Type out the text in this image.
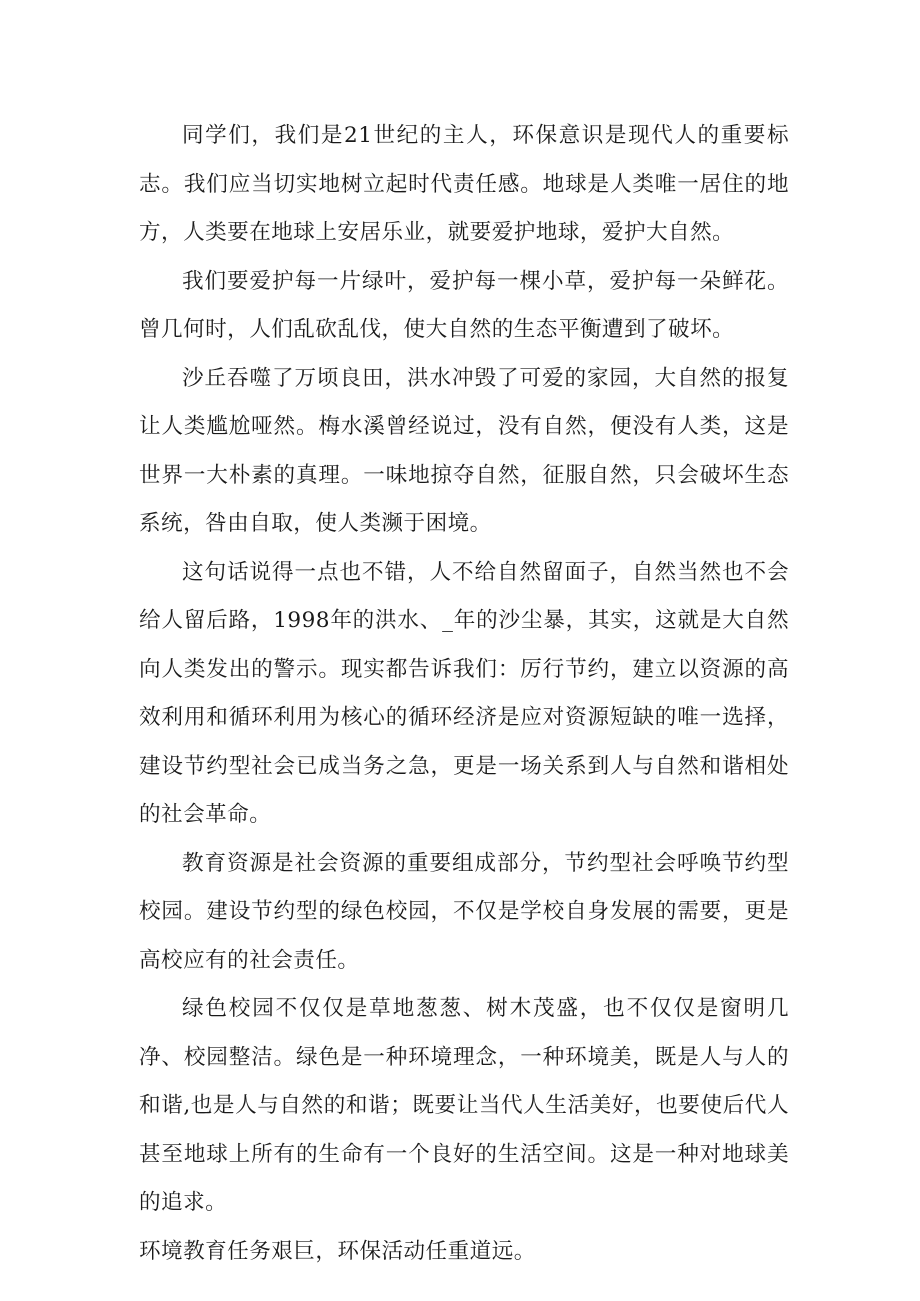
同学们，我们是21世纪的主人，环保意识是现代人的重要标志。我们应当切实地树立起时代责任感。地球是人类唯一居住的地方，人类要在地球上安居乐业，就要爱护地球，爱护大自然。

我们要爱护每一片绿叶，爱护每一棵小草，爱护每一朵鲜花。曾几何时，人们乱砍乱伐，使大自然的生态平衡遭到了破坏。

沙丘吞噬了万顷良田，洪水冲毁了可爱的家园，大自然的报复让人类尴尬哑然。梅水溪曾经说过，没有自然，便没有人类，这是世界一大朴素的真理。一味地掠夺自然，征服自然，只会破坏生态系统，咎由自取，使人类濒于困境。

这句话说得一点也不错，人不给自然留面子，自然当然也不会给人留后路，1998年的洪水、_年的沙尘暴，其实，这就是大自然向人类发出的警示。现实都告诉我们：厉行节约，建立以资源的高效利用和循环利用为核心的循环经济是应对资源短缺的唯一选择，建设节约型社会已成当务之急，更是一场关系到人与自然和谐相处的社会革命。

教育资源是社会资源的重要组成部分，节约型社会呼唤节约型校园。建设节约型的绿色校园，不仅是学校自身发展的需要，更是高校应有的社会责任。

绿色校园不仅仅是草地葱葱、树木茂盛，也不仅仅是窗明几净、校园整洁。绿色是一种环境理念，一种环境美，既是人与人的和谐,也是人与自然的和谐；既要让当代人生活美好，也要使后代人甚至地球上所有的生命有一个良好的生活空间。这是一种对地球美的追求。

环境教育任务艰巨，环保活动任重道远。
